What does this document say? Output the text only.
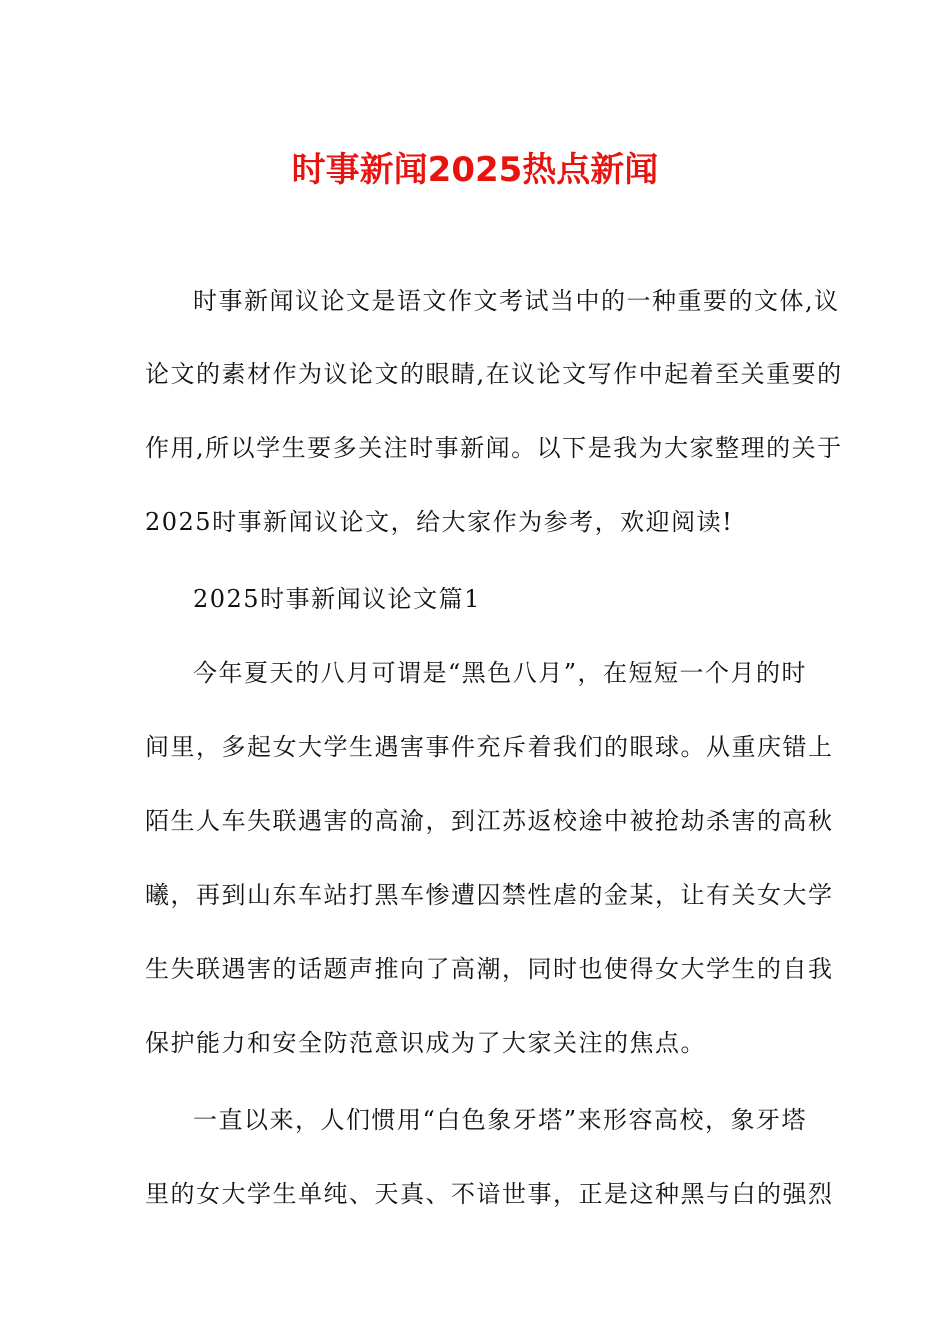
时事新闻2025热点新闻
时事新闻议论文是语文作文考试当中的一种重要的文体,议
论文的素材作为议论文的眼睛,在议论文写作中起着至关重要的
作用,所以学生要多关注时事新闻。以下是我为大家整理的关于
2025时事新闻议论文，给大家作为参考，欢迎阅读!
2025时事新闻议论文篇1
今年夏天的八月可谓是“黑色八月”，在短短一个月的时
间里，多起女大学生遇害事件充斥着我们的眼球。从重庆错上
陌生人车失联遇害的高渝，到江苏返校途中被抢劫杀害的高秋
曦，再到山东车站打黑车惨遭囚禁性虐的金某，让有关女大学
生失联遇害的话题声推向了高潮，同时也使得女大学生的自我
保护能力和安全防范意识成为了大家关注的焦点。
一直以来，人们惯用“白色象牙塔”来形容高校，象牙塔
里的女大学生单纯、天真、不谙世事，正是这种黑与白的强烈
